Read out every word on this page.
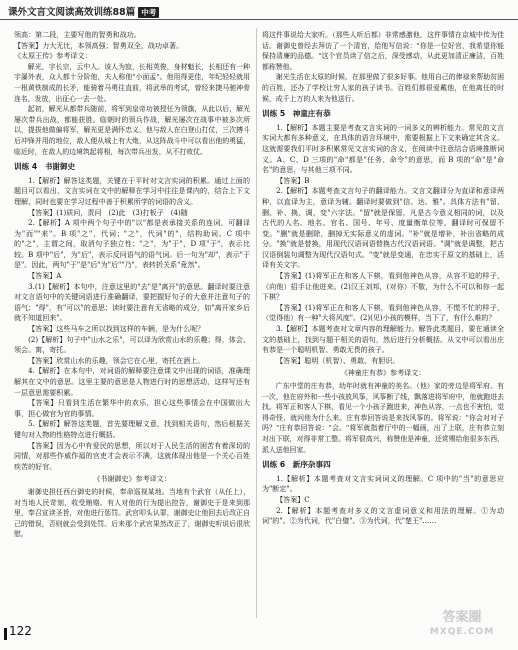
课外文言文阅读高效训练88篇 中考

领高：第二段，主要写他的智勇和战功。

【答案】力大无比，本领高强；智勇双全，战功卓著。

《太原王传》参考译文：

解光，字长宗，云中人。该人为寂，长相英俊，身材魁长，长相还有一种宇瀑外表，众人都十分阶他，夫人称他"小面孟"。他用得更佳，年纪轻轻就用一根黄铁制成的长矛，能骑着马勇往直前，将武举的考试，曾经来捷马驰神骨连名，发放，出征心一去一处。

起初，解光从都带兵随前，将军到皇帝功被授任为领旗，从此以后，解光屡次带兵出战，都能获胜。临朝时的领兵作战，解光屡次在战事中被多次所以，提拔他做偏将军，解光更是满怀忠义，他与敌人在白登山打仗，三次搏斗后冲锋并用的地位，敌人便从城上有大炮，从这阵战斗中可以看出他的勇猛，临近时，在敌人的边境筑起将相，每次带兵出发，从不打败仗。

训练 4　书谢御史

1.【解析】解答这类题，关键在于平时对文言实词的积累。通过上面的题目可以看出，文言实词在文中的解释在学习中往往是课内的，结合上下文理解，同时也要在学习过程中善于积累所学的词语的含义。

【答案】(1)质问，责问　(2)此　(3)打板子　(4)随

2.【解析】A 项中两个句子中的"以"都是表承接关系的连词，可翻译为"而""来"。B 项"之"，代词；"之"，代词"的"，结构助词。C 项中的"之"，主谓之间，取消句子独立性；"之"，为"于"，D 项"于"，表示比较。B 项中"后"，为"后"，表示反问语气的语气词。后一句为"却"，表示"于是"。因此，两句"于"是"后"为"后""乃"，表转折关系"竟然"。

【答案】A

3.(1)【解析】本句中，注意这里的"去"是"离开"的意思。翻译时要注意对文言语句中的关键词语进行准确翻译，要把握好句子的大意并注意句子的语气；"得"，有"可以"的意思；读时要注意有无省略的成分，如"离开家乡后就不知道回来"。

【答案】这些马车之所以找到这样的车辆，是为什么呢？

(2)【解析】句子中"山水之乐"，可以译为欣赏山水的乐趣；得，体会、领会。寓，寄托。

【答案】欣赏山水的乐趣，领会它在心里，寄托在酒上。

4.【解析】在本句中，对词语的解释要注意课文中出现的词语，准确理解其在文中的意思。这里主要的意思是人物进行时的思想活动，这样写还有一层意思需要积累。

【答案】只看到生活在繁华中的欢乐，担心这些事情会在中国做出大事，担心做官为官的事情。

5.【解析】解答这类题，首先要理解文意，找到相关语句，然后根据关键句对人物的性格特点进行概括。

【答案】因为心中有爱民的思想，所以对于人民生活的困苦有着深切的同情，对那些作威作福的官吏才会表示不满，这就体现出他是一个关心百姓疾苦的好官。

《书谢御史》参考译文：

谢御史担任西台御史的时候，奉命巡视某地。当地有个武官（从任上），对当地人民苛刻，收受贿赂。有人对他的行为提出控告，谢御史于是来到那里，奉召宣读圣旨，对他进行惩罚。武官叩头认罪，谢御史让他回去后改正自己的错误，否则就会受到处罚。后来那个武官果然改正了，谢御史听说后很欣慰。

将这件事说给大家听。（那些人听后都）非常感激他，这件事情在京城中传为佳话。谢御史曾经去拜访了一个清官，给他写信说："你是一位好官，我希望你能保持清廉的品德。"这个官员读了信之后，深受感动，从此更加清正廉洁，百姓都称赞他。

谢光生活在太原的时候，在那里做了很多好事。他用自己的俸禄来帮助贫困的百姓，还办了学校让穷人家的孩子读书。百姓们都很爱戴他，在他离任的时候，成千上万的人来为他送行。

训练 5　神童庄有恭

1.【解析】本题主要是考查文言实词的一词多义的辨析能力。常见的文言实词大都有多种意义，在具体的语言环境中，需要根据上下文来确定其含义。这就需要我们平时多积累常见文言实词的含义，在阅读中注意结合语境推断词义。A、C、D 三项的"命"都是"任务、命令"的意思，而 B 项的"命"是"命名"的意思，与其他三项不同。

【答案】B

2.【解析】本题考查文言句子的翻译能力。文言文翻译分为直译和意译两种，以直译为主，意译为辅。翻译时要做到"信、达、雅"。具体方法有"留、删、补、换、调、变"六字法。"留"就是保留，凡是古今意义相同的词，以及古代的人名、地名、官名、国号、年号、度量衡单位等，翻译时可保留不变。"删"就是删除，删掉无实际意义的虚词。"补"就是增补，补出省略的成分。"换"就是替换，用现代汉语词语替换古代汉语词语。"调"就是调整，把古汉语倒装句调整为现代汉语句式。"变"就是变通，在忠实于原文的基础上，活译有关文字。

【答案】(1)将军正在和客人下棋，看到他神色从容，从容不迫的样子，（向他）招手让他进来。(2)汉王刘邦，(对你）不敬，为什么不可以和你一起下棋？

【答案】(1)将军正在和客人下棋，看到他神色从容，不慌不忙的样子，（觉得他）有一种"大将风度"。(2)(见)小孩的模样，当下了，有什么难的？

3.【解析】本题考查对文章内容的理解能力。解答此类题目，要在通读全文的基础上，找到与题干相关的语句，然后进行分析概括。从文中可以看出庄有恭是一个聪明机智、勇敢无畏的孩子。

【答案】聪明（机智）、勇敢、有胆识。

《神童庄有恭》参考译文：

广东中堂的庄有恭，幼年时就有神童的美名。（他）家的旁边是将军府。有一次，他在府外和一些小孩放风筝，风筝断了线，飘落进将军府中，他就跑进去找。将军正和客人下棋，看见一个小孩子跑进来，神色从容，一点也不害怕，觉得奇怪，就问他为什么来。庄有恭回答说是来找风筝的。将军说："你会对对子吗？"庄有恭回答说："会。"将军就指着厅中的一幅画，出了上联，庄有恭立刻对出下联，对得非常工整。将军很高兴，称赞他是神童，还赏赐给他很多东西，派人送他回家。

训练 6　新序杂事四

1.【解析】本题考查对文言实词词义的理解。C 项中的"当"的意思应为"断定"。

【答案】C

2.【解析】本题考查对多义的文言虚词意义和用法的理解。①为动词"的"。②为代词，代"白璧"。③为代词，代"楚王"……

122
答案圈
MXQE.COM
